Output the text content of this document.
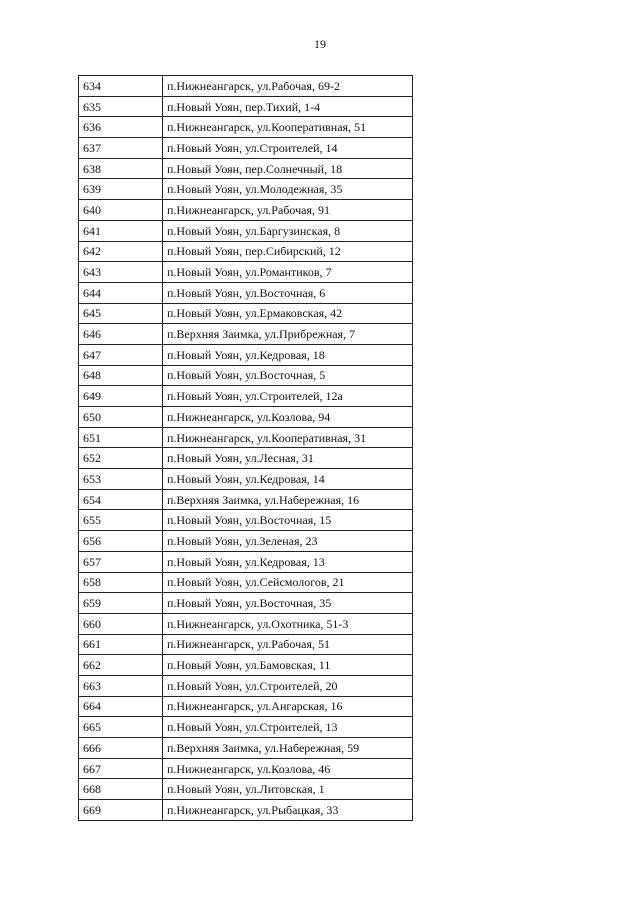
19
634	п.Нижнеангарск, ул.Рабочая, 69-2
635	п.Новый Уоян, пер.Тихий, 1-4
636	п.Нижнеангарск, ул.Кооперативная, 51
637	п.Новый Уоян, ул.Строителей, 14
638	п.Новый Уоян, пер.Солнечный, 18
639	п.Новый Уоян, ул.Молодежная, 35
640	п.Нижнеангарск, ул.Рабочая, 91
641	п.Новый Уоян, ул.Баргузинская, 8
642	п.Новый Уоян, пер.Сибирский, 12
643	п.Новый Уоян, ул.Романтиков, 7
644	п.Новый Уоян, ул.Восточная, 6
645	п.Новый Уоян, ул.Ермаковская, 42
646	п.Верхняя Заимка, ул.Прибрежная, 7
647	п.Новый Уоян, ул.Кедровая, 18
648	п.Новый Уоян, ул.Восточная, 5
649	п.Новый Уоян, ул.Строителей, 12а
650	п.Нижнеангарск, ул.Козлова, 94
651	п.Нижнеангарск, ул.Кооперативная, 31
652	п.Новый Уоян, ул.Лесная, 31
653	п.Новый Уоян, ул.Кедровая, 14
654	п.Верхняя Заимка, ул.Набережная, 16
655	п.Новый Уоян, ул.Восточная, 15
656	п.Новый Уоян, ул.Зеленая, 23
657	п.Новый Уоян, ул.Кедровая, 13
658	п.Новый Уоян, ул.Сейсмологов, 21
659	п.Новый Уоян, ул.Восточная, 35
660	п.Нижнеангарск, ул.Охотника, 51-3
661	п.Нижнеангарск, ул.Рабочая, 51
662	п.Новый Уоян, ул.Бамовская, 11
663	п.Новый Уоян, ул.Строителей, 20
664	п.Нижнеангарск, ул.Ангарская, 16
665	п.Новый Уоян, ул.Строителей, 13
666	п.Верхняя Заимка, ул.Набережная, 59
667	п.Нижнеангарск, ул.Козлова, 46
668	п.Новый Уоян, ул.Литовская, 1
669	п.Нижнеангарск, ул.Рыбацкая, 33
